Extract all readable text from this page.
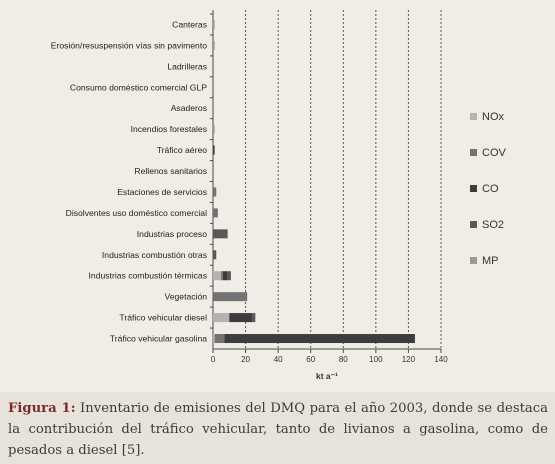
0	20	40	60	80	100 120 140
kt a⁻¹
Canteras
Erosión/resuspensión vías sin pavimento
Ladrilleras
Consumo doméstico comercial GLP
Asaderos
Incendios forestales
Tráfico aéreo
Rellenos sanitarios
Estaciones de servicios
Disolventes uso doméstico comercial
Industrias proceso
Industrias combustión otras
Industrias combustión térmicas
Vegetación
Tráfico vehicular diesel
Tráfico vehicular gasolina
NOx
COV
CO
SO2
MP
Figura 1: Inventario de emisiones del DMQ para el año 2003, donde se destaca la contribución del tráfico vehicular, tanto de livianos a gasolina, como de pesados a diesel [5].
